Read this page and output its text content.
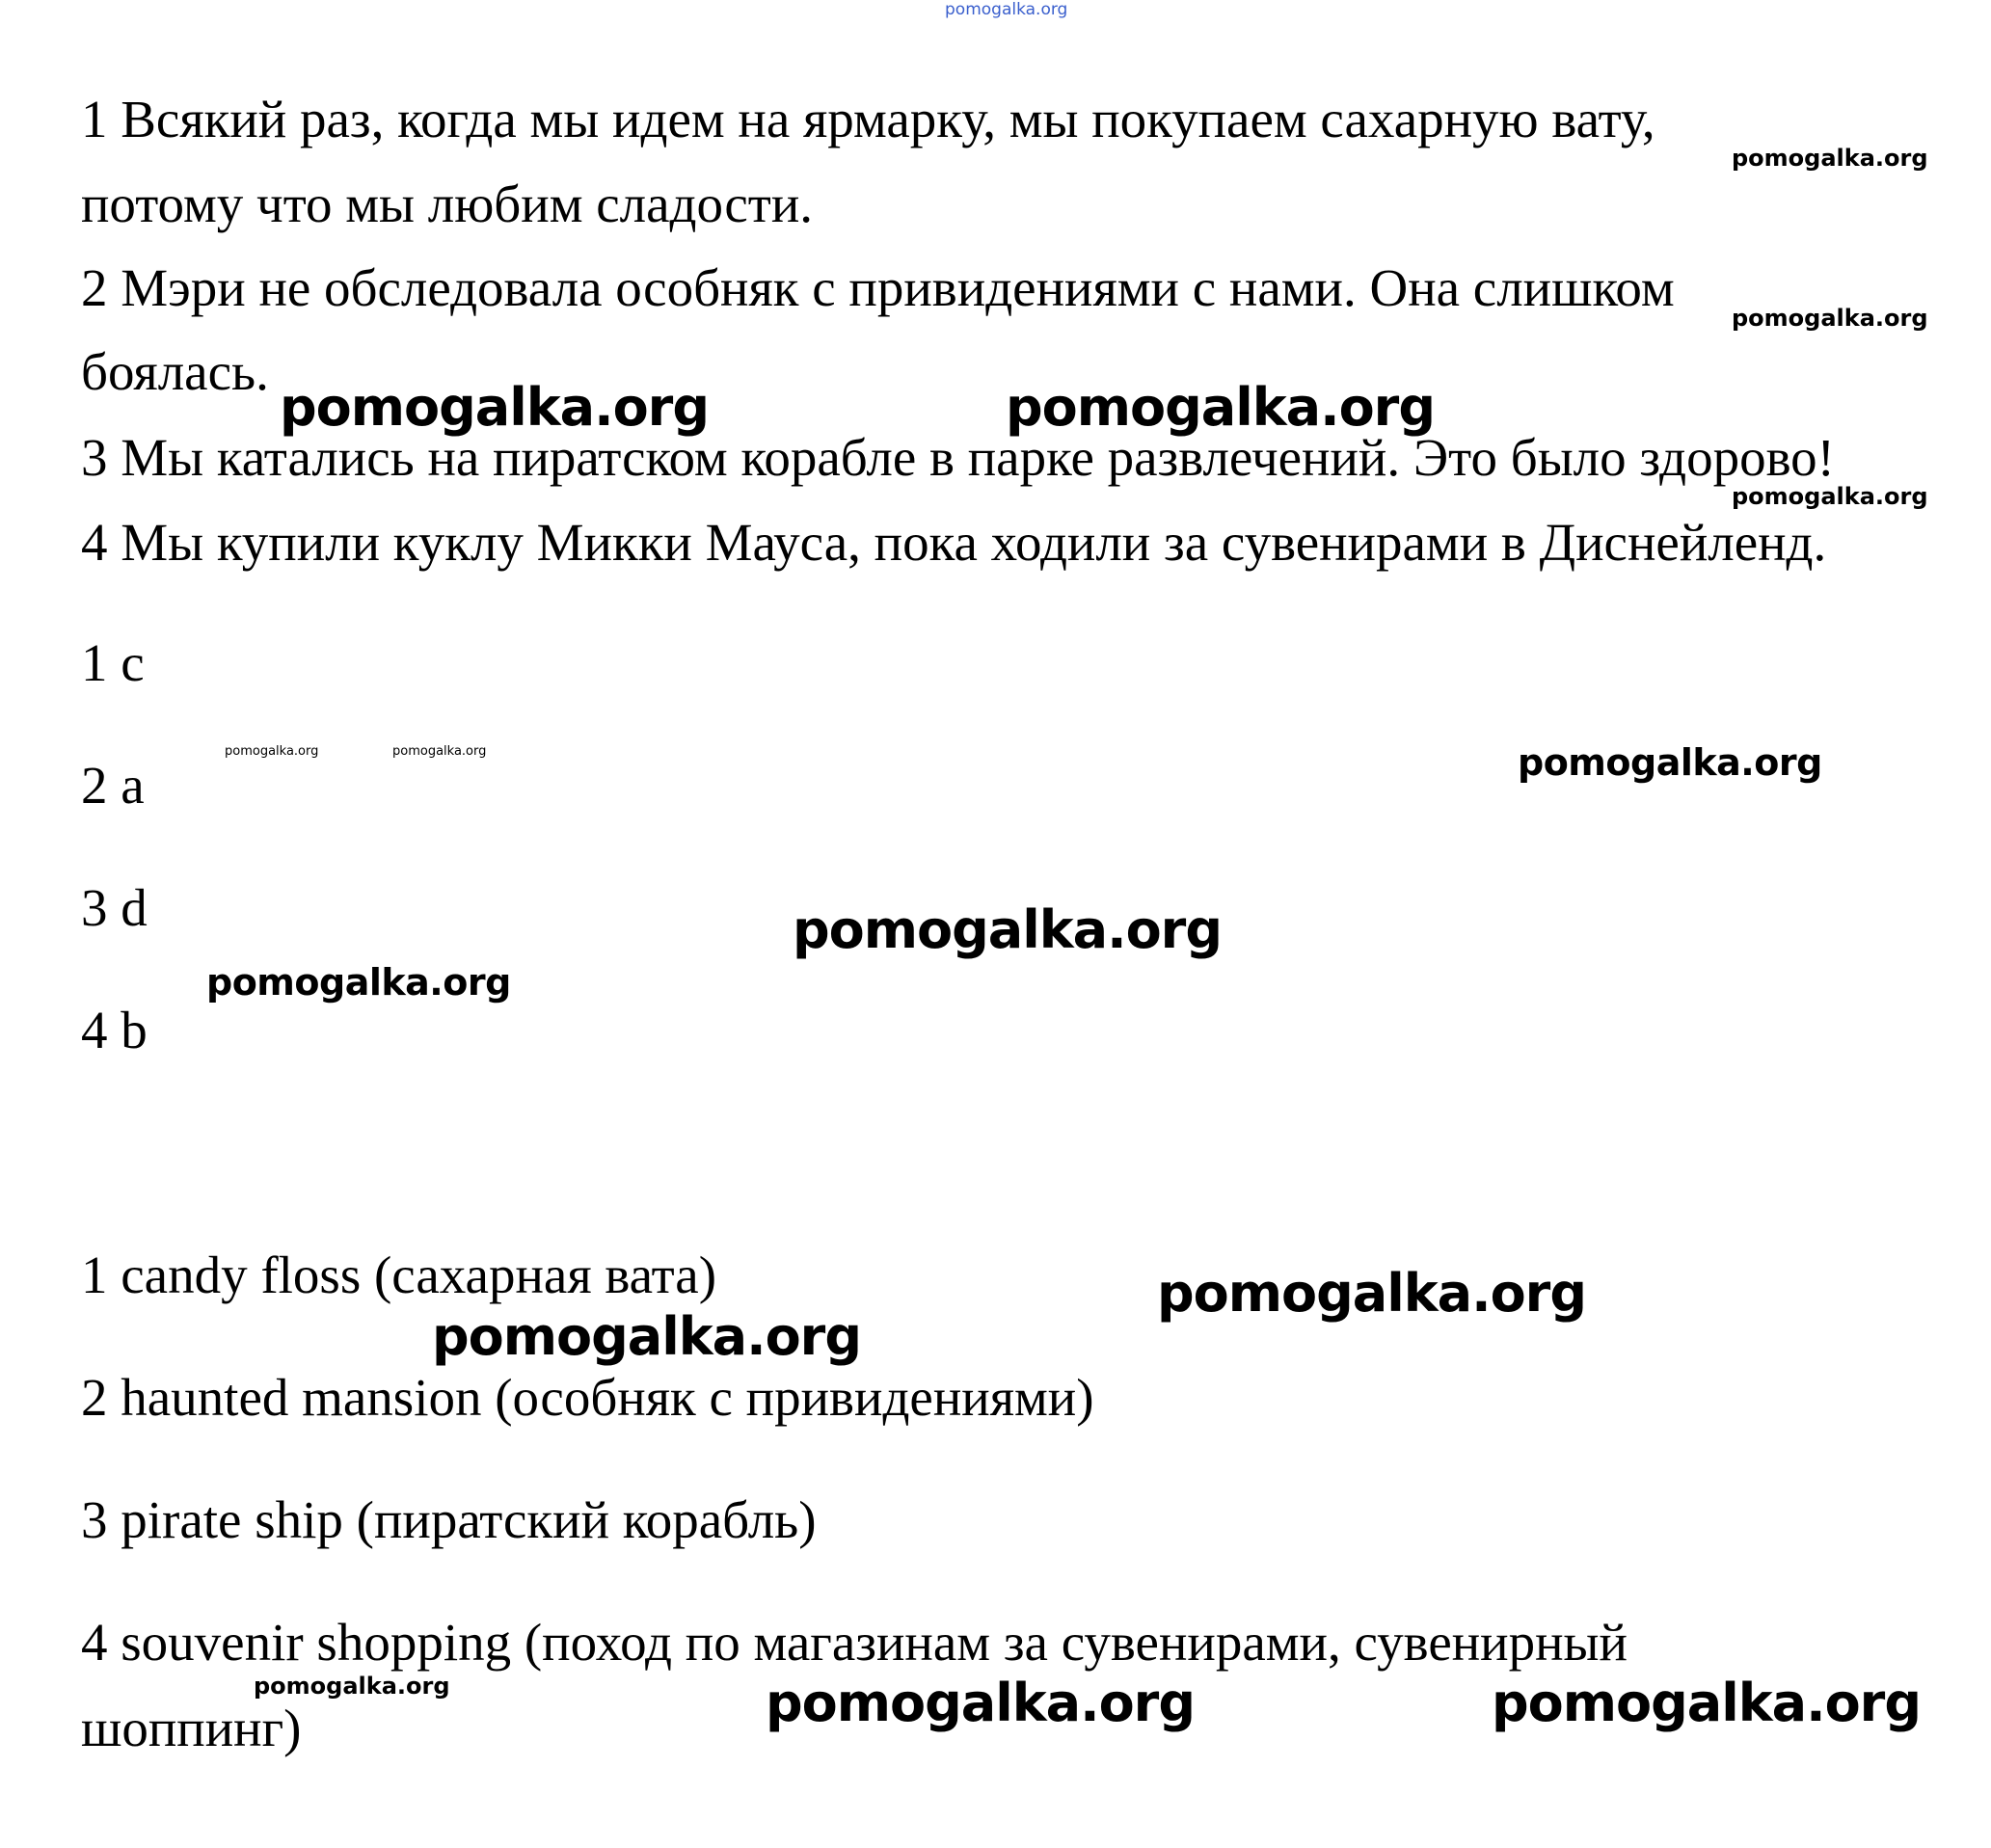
1 Всякий раз, когда мы идем на ярмарку, мы покупаем сахарную вату,

потому что мы любим сладости.

2 Мэри не обследовала особняк с привидениями с нами. Она слишком

боялась.

3 Мы катались на пиратском корабле в парке развлечений. Это было здорово!

4 Мы купили куклу Микки Мауса, пока ходили за сувенирами в Диснейленд.

1 c

2 a

3 d

4 b

1 candy floss (сахарная вата)

2 haunted mansion (особняк с привидениями)

3 pirate ship (пиратский корабль)

4 souvenir shopping (поход по магазинам за сувенирами, сувенирный

шоппинг)

pomogalka.org
pomogalka.org
pomogalka.org
pomogalka.org	pomogalka.org
pomogalka.org
pomogalka.org	pomogalka.org	pomogalka.org
pomogalka.org
pomogalka.org
pomogalka.org
pomogalka.org
pomogalka.org	pomogalka.org	pomogalka.org
